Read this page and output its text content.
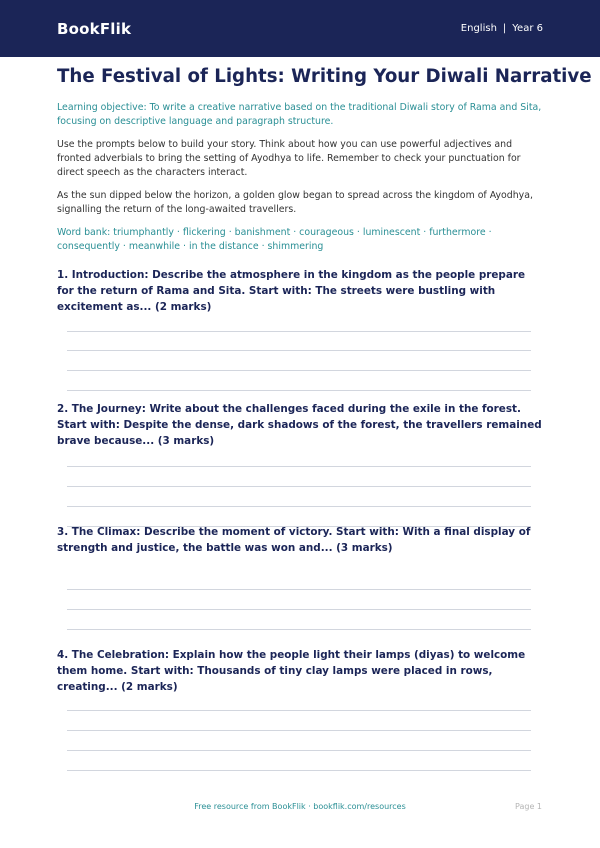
BookFlik	English | Year 6
The Festival of Lights: Writing Your Diwali Narrative

Learning objective: To write a creative narrative based on the traditional Diwali story of Rama and Sita, focusing on descriptive language and paragraph structure.

Use the prompts below to build your story. Think about how you can use powerful adjectives and fronted adverbials to bring the setting of Ayodhya to life. Remember to check your punctuation for direct speech as the characters interact.

As the sun dipped below the horizon, a golden glow began to spread across the kingdom of Ayodhya, signalling the return of the long-awaited travellers.

Word bank: triumphantly · flickering · banishment · courageous · luminescent · furthermore · consequently · meanwhile · in the distance · shimmering

1. Introduction: Describe the atmosphere in the kingdom as the people prepare for the return of Rama and Sita. Start with: The streets were bustling with excitement as... (2 marks)

2. The Journey: Write about the challenges faced during the exile in the forest. Start with: Despite the dense, dark shadows of the forest, the travellers remained brave because... (3 marks)

3. The Climax: Describe the moment of victory. Start with: With a final display of strength and justice, the battle was won and... (3 marks)

4. The Celebration: Explain how the people light their lamps (diyas) to welcome them home. Start with: Thousands of tiny clay lamps were placed in rows, creating... (2 marks)

Free resource from BookFlik · bookflik.com/resources	Page 1
